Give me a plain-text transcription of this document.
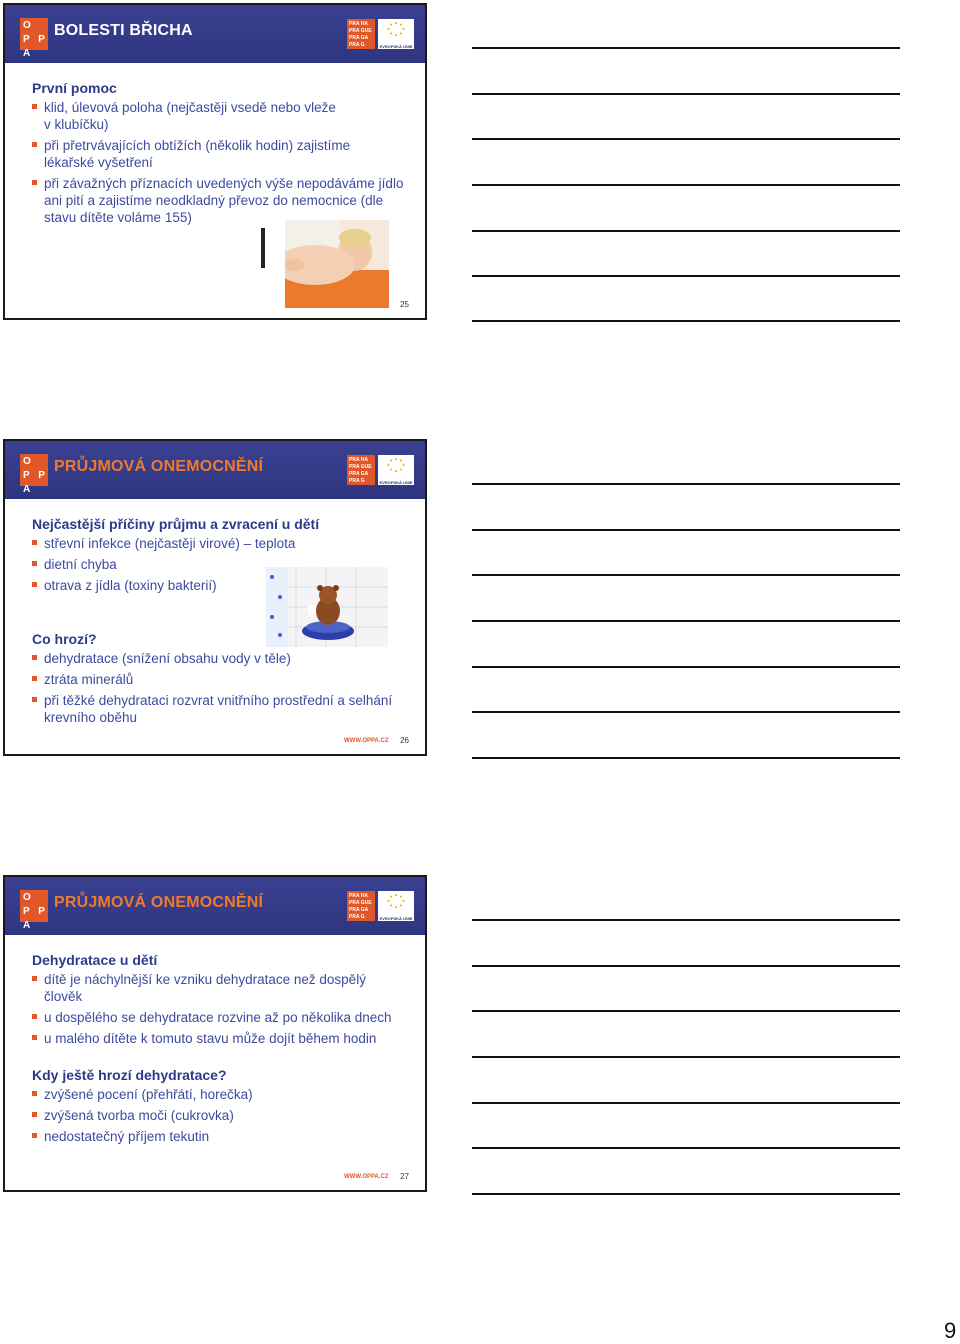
O P P
A
BOLESTI BŘICHA	PRA HA
PRA GUE
PRA GA
PRA G	EVROPSKÁ UNIE
První pomoc
klid, úlevová poloha (nejčastěji vsedě nebo vleže v klubíčku)
při přetrvávajících obtížích (několik hodin) zajistíme lékařské vyšetření
při závažných příznacích uvedených výše nepodáváme jídlo ani pití a zajistíme neodkladný převoz do nemocnice (dle stavu dítěte voláme 155)
25
O P P
A
PRŮJMOVÁ ONEMOCNĚNÍ	PRA HA
PRA GUE
PRA GA
PRA G	EVROPSKÁ UNIE
Nejčastější příčiny průjmu a zvracení u dětí
střevní infekce (nejčastěji virové) – teplota
dietní chyba
otrava z jídla (toxiny bakterií)
Co hrozí?
dehydratace (snížení obsahu vody v těle)
ztráta minerálů
při těžké dehydrataci rozvrat vnitřního prostřední a selhání krevního oběhu
WWW.OPPA.CZ 26
O P P
A
PRŮJMOVÁ ONEMOCNĚNÍ	PRA HA
PRA GUE
PRA GA
PRA G	EVROPSKÁ UNIE
Dehydratace u dětí
dítě je náchylnější ke vzniku dehydratace než dospělý člověk
u dospělého se dehydratace rozvine až po několika dnech
u malého dítěte k tomuto stavu může dojít během hodin
Kdy ještě hrozí dehydratace?
zvýšené pocení (přehřátí, horečka)
zvýšená tvorba moči (cukrovka)
nedostatečný příjem tekutin
WWW.OPPA.CZ 27
9
